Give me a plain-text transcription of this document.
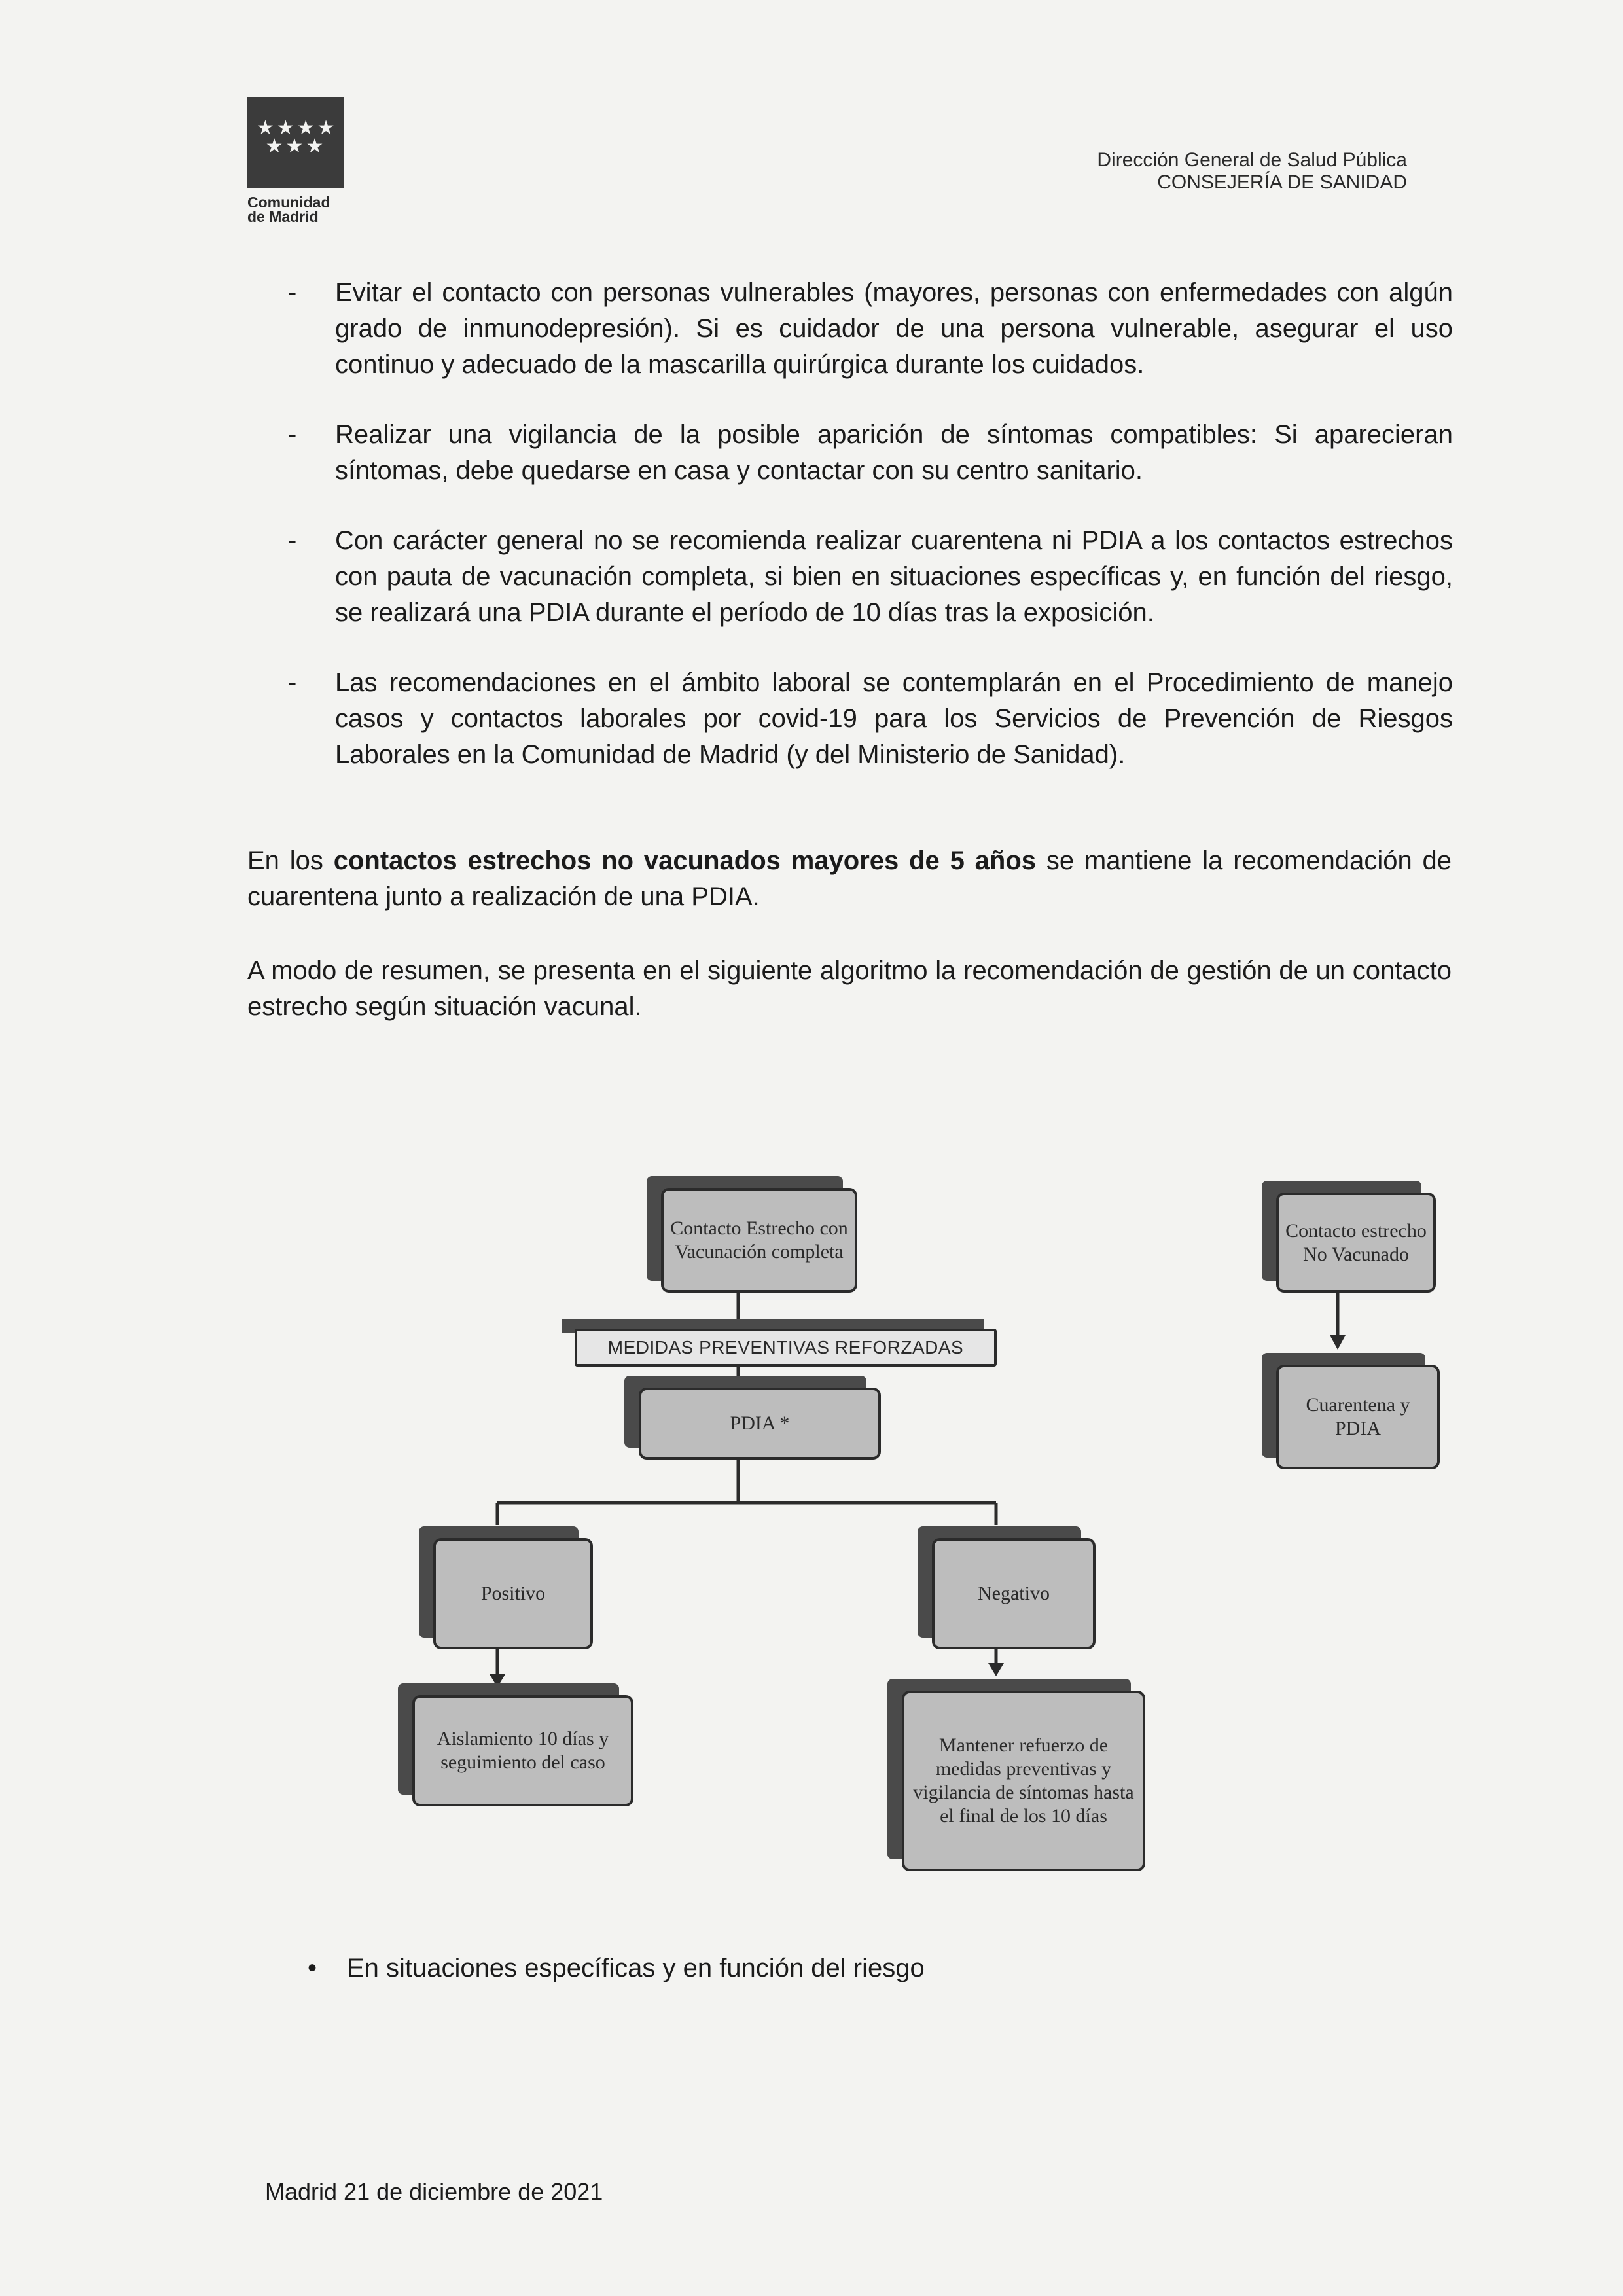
★★★★
★★★
Comunidad
de Madrid
Dirección General de Salud Pública
CONSEJERÍA DE SANIDAD
- Evitar el contacto con personas vulnerables (mayores, personas con enfermedades con algún grado de inmunodepresión). Si es cuidador de una persona vulnerable, asegurar el uso continuo y adecuado de la mascarilla quirúrgica durante los cuidados.
- Realizar una vigilancia de la posible aparición de síntomas compatibles: Si aparecieran síntomas, debe quedarse en casa y contactar con su centro sanitario.
- Con carácter general no se recomienda realizar cuarentena ni PDIA a los contactos estrechos con pauta de vacunación completa, si bien en situaciones específicas y, en función del riesgo, se realizará una PDIA durante el período de 10 días tras la exposición.
- Las recomendaciones en el ámbito laboral se contemplarán en el Procedimiento de manejo casos y contactos laborales por covid-19 para los Servicios de Prevención de Riesgos Laborales en la Comunidad de Madrid (y del Ministerio de Sanidad).
En los contactos estrechos no vacunados mayores de 5 años se mantiene la recomendación de cuarentena junto a realización de una PDIA.
A modo de resumen, se presenta en el siguiente algoritmo la recomendación de gestión de un contacto estrecho según situación vacunal.
Contacto Estrecho con Vacunación completa
MEDIDAS PREVENTIVAS REFORZADAS
PDIA *
Positivo	Negativo
Aislamiento 10 días y seguimiento del caso
Mantener refuerzo de medidas preventivas y vigilancia de síntomas hasta el final de los 10 días
Contacto estrecho No Vacunado
Cuarentena y PDIA
• En situaciones específicas y en función del riesgo
Madrid 21 de diciembre de 2021
